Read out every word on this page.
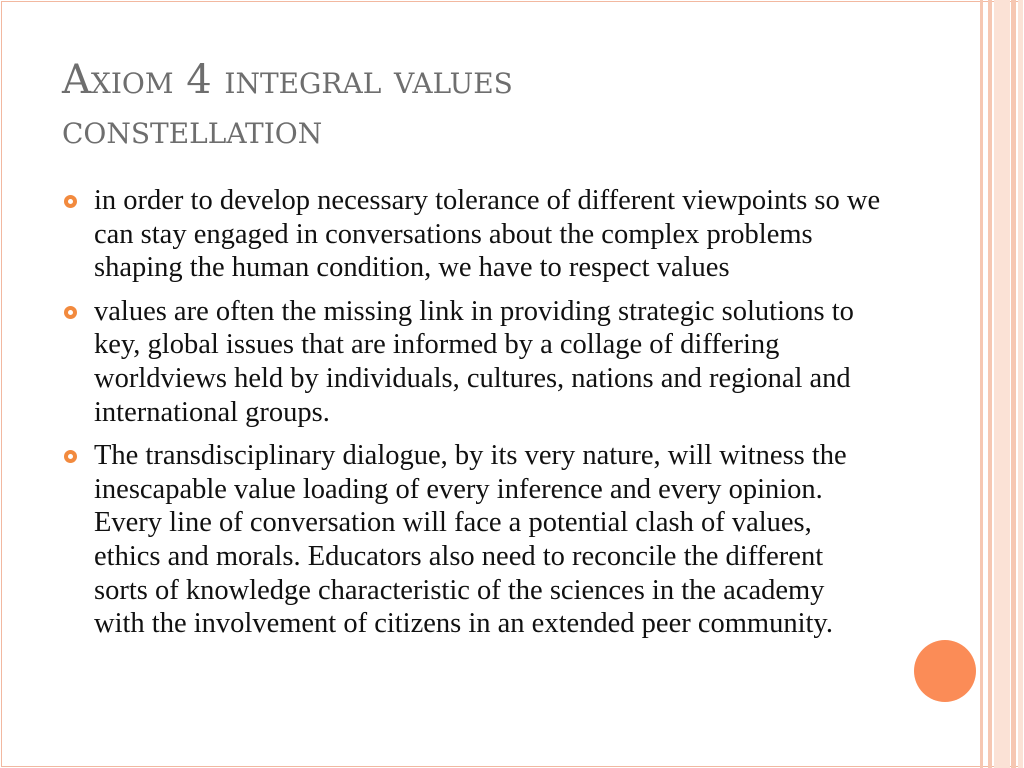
Axiom 4 integral values
constellation
in order to develop necessary tolerance of different viewpoints so we can stay engaged in conversations about the complex problems shaping the human condition, we have to respect values
values are often the missing link in providing strategic solutions to key, global issues that are informed by a collage of differing worldviews held by individuals, cultures, nations and regional and international groups.
The transdisciplinary dialogue, by its very nature, will witness the inescapable value loading of every inference and every opinion. Every line of conversation will face a potential clash of values, ethics and morals. Educators also need to reconcile the different sorts of knowledge characteristic of the sciences in the academy with the involvement of citizens in an extended peer community.
